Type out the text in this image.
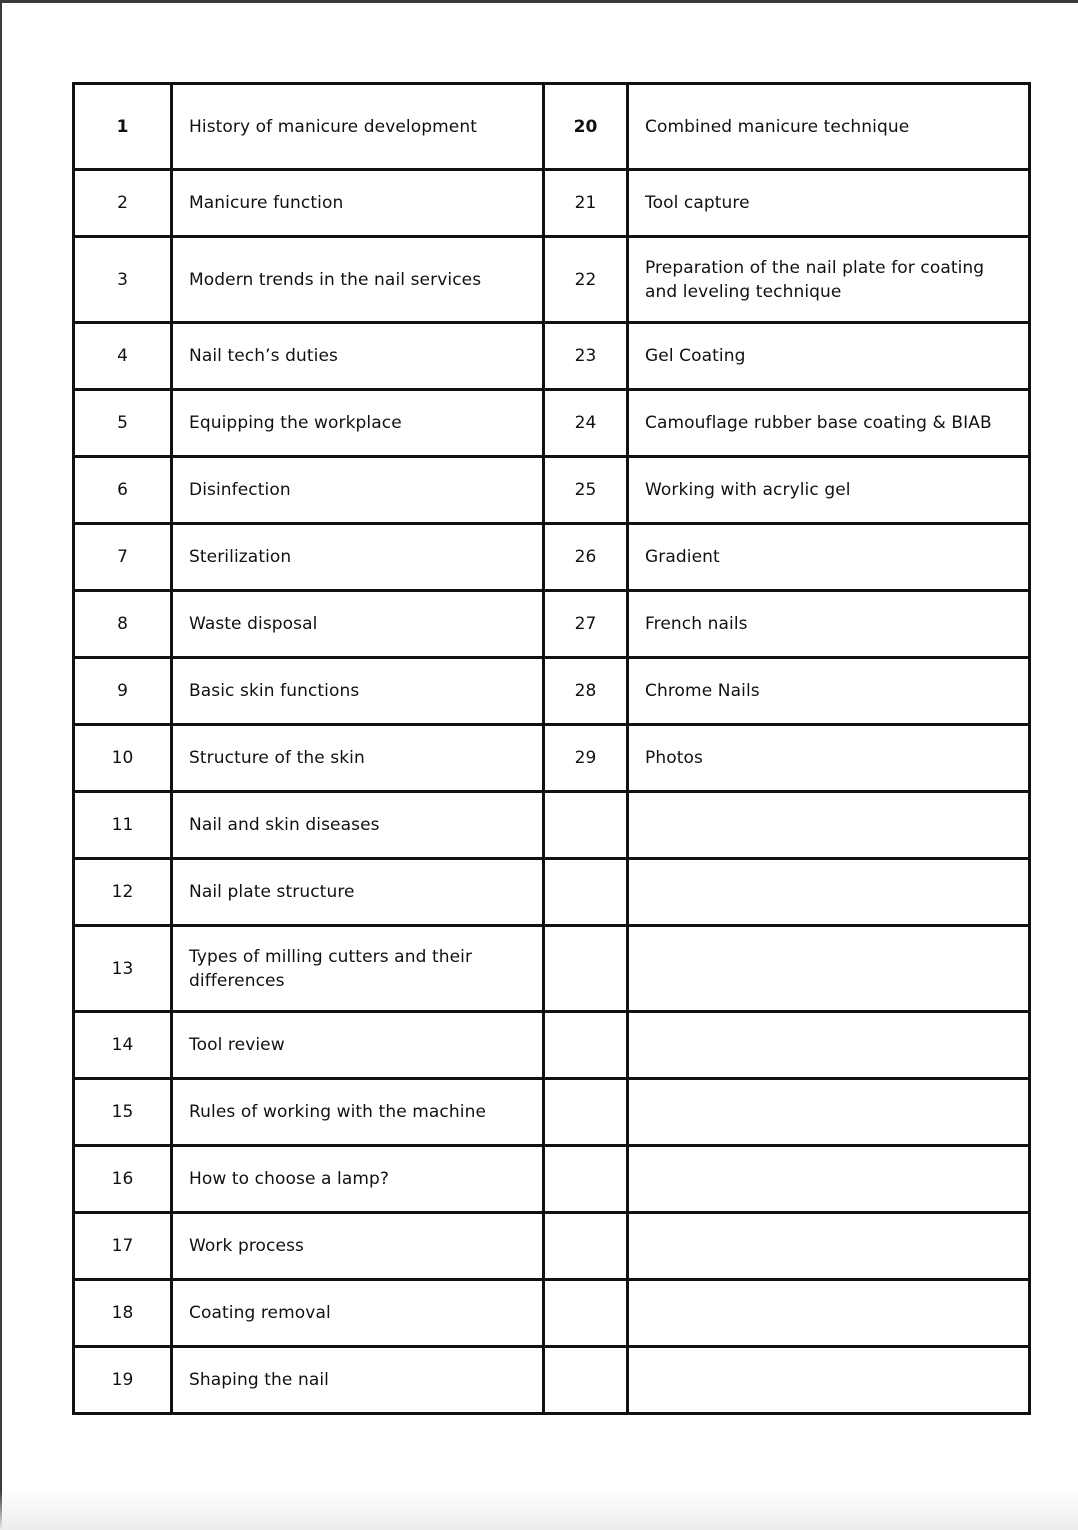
1	History of manicure development	20	Combined manicure technique
2	Manicure function	21	Tool capture
3	Modern trends in the nail services	22	Preparation of the nail plate for coating and leveling technique
4	Nail tech’s duties	23	Gel Coating
5	Equipping the workplace	24	Camouflage rubber base coating & BIAB
6	Disinfection	25	Working with acrylic gel
7	Sterilization	26	Gradient
8	Waste disposal	27	French nails
9	Basic skin functions	28	Chrome Nails
10	Structure of the skin	29	Photos
11	Nail and skin diseases		
12	Nail plate structure		
13	Types of milling cutters and their differences		
14	Tool review		
15	Rules of working with the machine		
16	How to choose a lamp?		
17	Work process		
18	Coating removal		
19	Shaping the nail		
